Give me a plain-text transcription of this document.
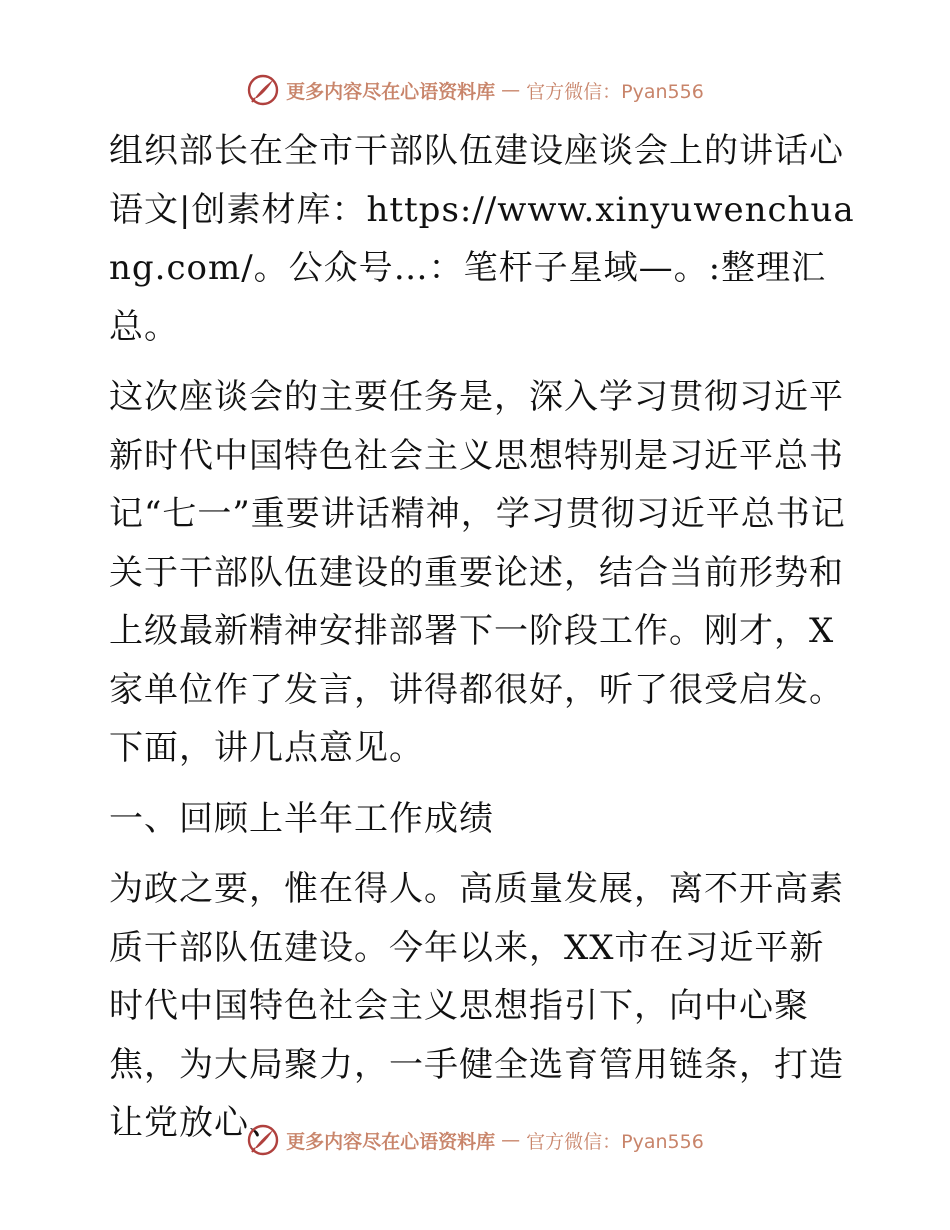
更多内容尽在心语资料库 — 官方微信：Pyan556

组织部长在全市干部队伍建设座谈会上的讲话心语文|创素材库：https://www.xinyuwenchuang.com/。公众号…：笔杆子星域—。:整理汇总。

这次座谈会的主要任务是，深入学习贯彻习近平新时代中国特色社会主义思想特别是习近平总书记“七一”重要讲话精神，学习贯彻习近平总书记关于干部队伍建设的重要论述，结合当前形势和上级最新精神安排部署下一阶段工作。刚才，X家单位作了发言，讲得都很好，听了很受启发。下面，讲几点意见。

一、回顾上半年工作成绩

为政之要，惟在得人。高质量发展，离不开高素质干部队伍建设。今年以来，XX市在习近平新时代中国特色社会主义思想指引下，向中心聚焦，为大局聚力，一手健全选育管用链条，打造让党放心、 更多内容尽在心语资料库 — 官方微信：Pyan556
